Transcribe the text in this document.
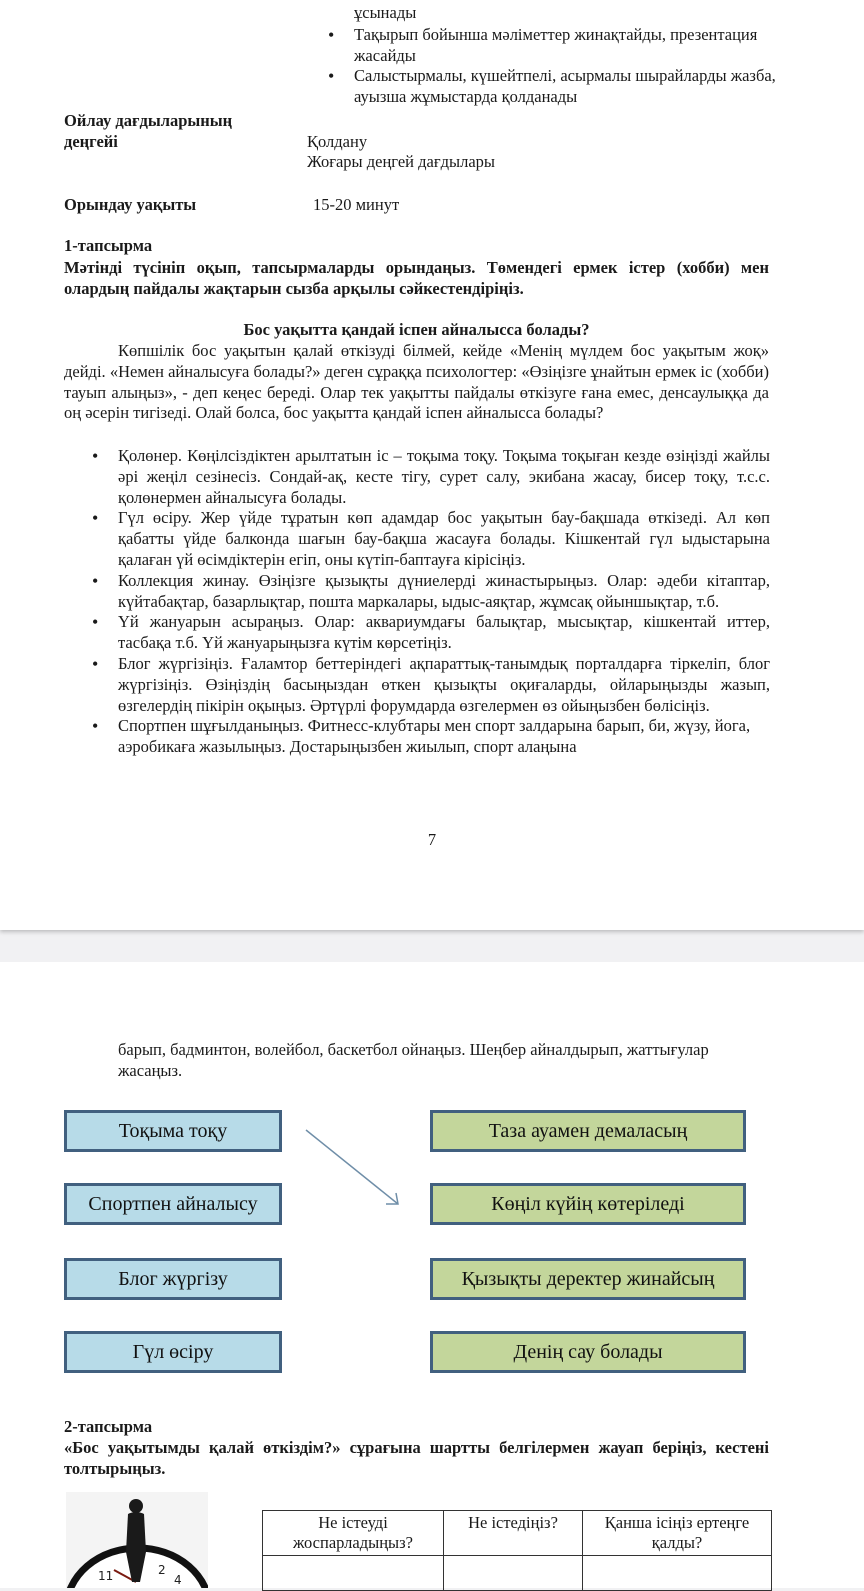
ұсынады
• Тақырып бойынша мәліметтер жинақтайды, презентация жасайды
• Салыстырмалы, күшейтпелі, асырмалы шырайларды жазба, ауызша жұмыстарда қолданады
Ойлау дағдыларының деңгейі	Қолдану
Жоғары деңгей дағдылары
Орындау уақыты	15-20 минут
1-тапсырма
Мәтінді түсініп оқып, тапсырмаларды орындаңыз. Төмендегі ермек істер (хобби) мен олардың пайдалы жақтарын сызба арқылы сәйкестендіріңіз.
Бос уақытта қандай іспен айналысса болады?
Көпшілік бос уақытын қалай өткізуді білмей, кейде «Менің мүлдем бос уақытым жоқ» дейді. «Немен айналысуға болады?» деген сұраққа психологтер: «Өзіңізге ұнайтын ермек іс (хобби) тауып алыңыз», - деп кеңес береді. Олар тек уақытты пайдалы өткізуге ғана емес, денсаулыққа да оң әсерін тигізеді. Олай болса, бос уақытта қандай іспен айналысса болады?
• Қолөнер. Көңілсіздіктен арылтатын іс – тоқыма тоқу. Тоқыма тоқыған кезде өзіңізді жайлы әрі жеңіл сезінесіз. Сондай-ақ, кесте тігу, сурет салу, экибана жасау, бисер тоқу, т.с.с. қолөнермен айналысуға болады.
• Гүл өсіру. Жер үйде тұратын көп адамдар бос уақытын бау-бақшада өткізеді. Ал көп қабатты үйде балконда шағын бау-бақша жасауға болады. Кішкентай гүл ыдыстарына қалаған үй өсімдіктерін егіп, оны күтіп-баптауға кірісіңіз.
• Коллекция жинау. Өзіңізге қызықты дүниелерді жинастырыңыз. Олар: әдеби кітаптар, күйтабақтар, базарлықтар, пошта маркалары, ыдыс-аяқтар, жұмсақ ойыншықтар, т.б.
• Үй жануарын асыраңыз. Олар: аквариумдағы балықтар, мысықтар, кішкентай иттер, тасбақа т.б. Үй жануарыңызға күтім көрсетіңіз.
• Блог жүргізіңіз. Ғаламтор беттеріндегі ақпараттық-танымдық порталдарға тіркеліп, блог жүргізіңіз. Өзіңіздің басыңыздан өткен қызықты оқиғаларды, ойларыңызды жазып, өзгелердің пікірін оқыңыз. Әртүрлі форумдарда өзгелермен өз ойыңызбен бөлісіңіз.
• Спортпен шұғылданыңыз. Фитнесс-клубтары мен спорт залдарына барып, би, жүзу, йога, аэробикаға жазылыңыз. Достарыңызбен жиылып, спорт алаңына
7
барып, бадминтон, волейбол, баскетбол ойнаңыз. Шеңбер айналдырып, жаттығулар жасаңыз.
Тоқыма тоқу
Спортпен айналысу
Блог жүргізу
Гүл өсіру
Таза ауамен демаласың
Көңіл күйің көтеріледі
Қызықты деректер жинайсың
Денің сау болады
2-тапсырма
«Бос уақытымды қалай өткіздім?» сұрағына шартты белгілермен жауап беріңіз, кестені толтырыңыз.
11	2
4
Не істеуді жоспарладыңыз?	Не істедіңіз?	Қанша ісіңіз ертеңге қалды?
